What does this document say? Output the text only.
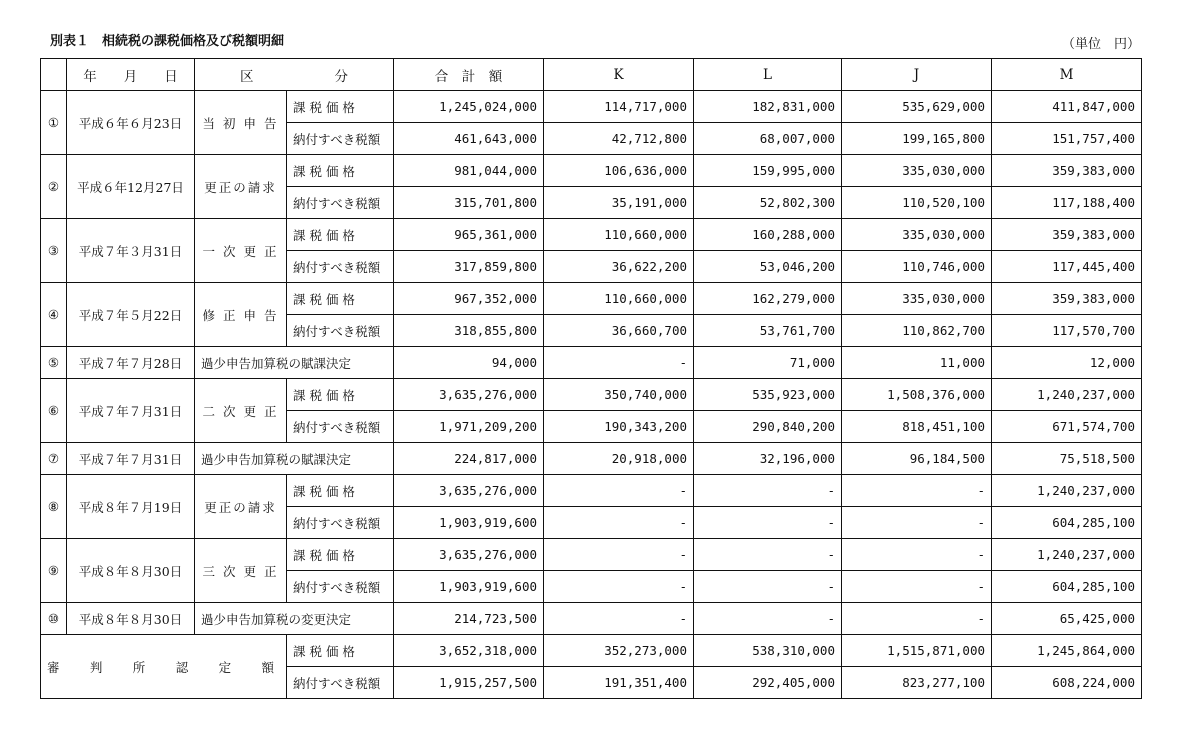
別表１　相続税の課税価格及び税額明細	（単位　円）
	年　　月　　日	区　　　　　　分		合　計　額	K	L	J	M
①	平成６年６月23日	当 初 申 告	課 税 価 格	1,245,024,000	114,717,000	182,831,000	535,629,000	411,847,000
			納付すべき税額	461,643,000	42,712,800	68,007,000	199,165,800	151,757,400
②	平成６年12月27日	更正の請求	課 税 価 格	981,044,000	106,636,000	159,995,000	335,030,000	359,383,000
			納付すべき税額	315,701,800	35,191,000	52,802,300	110,520,100	117,188,400
③	平成７年３月31日	一 次 更 正	課 税 価 格	965,361,000	110,660,000	160,288,000	335,030,000	359,383,000
			納付すべき税額	317,859,800	36,622,200	53,046,200	110,746,000	117,445,400
④	平成７年５月22日	修 正 申 告	課 税 価 格	967,352,000	110,660,000	162,279,000	335,030,000	359,383,000
			納付すべき税額	318,855,800	36,660,700	53,761,700	110,862,700	117,570,700
⑤	平成７年７月28日	過少申告加算税の賦課決定		94,000	-	71,000	11,000	12,000
⑥	平成７年７月31日	二 次 更 正	課 税 価 格	3,635,276,000	350,740,000	535,923,000	1,508,376,000	1,240,237,000
			納付すべき税額	1,971,209,200	190,343,200	290,840,200	818,451,100	671,574,700
⑦	平成７年７月31日	過少申告加算税の賦課決定		224,817,000	20,918,000	32,196,000	96,184,500	75,518,500
⑧	平成８年７月19日	更正の請求	課 税 価 格	3,635,276,000	-	-	-	1,240,237,000
			納付すべき税額	1,903,919,600	-	-	-	604,285,100
⑨	平成８年８月30日	三 次 更 正	課 税 価 格	3,635,276,000	-	-	-	1,240,237,000
			納付すべき税額	1,903,919,600	-	-	-	604,285,100
⑩	平成８年８月30日	過少申告加算税の変更決定		214,723,500	-	-	-	65,425,000
審判所認定額			課 税 価 格	3,652,318,000	352,273,000	538,310,000	1,515,871,000	1,245,864,000
			納付すべき税額	1,915,257,500	191,351,400	292,405,000	823,277,100	608,224,000
